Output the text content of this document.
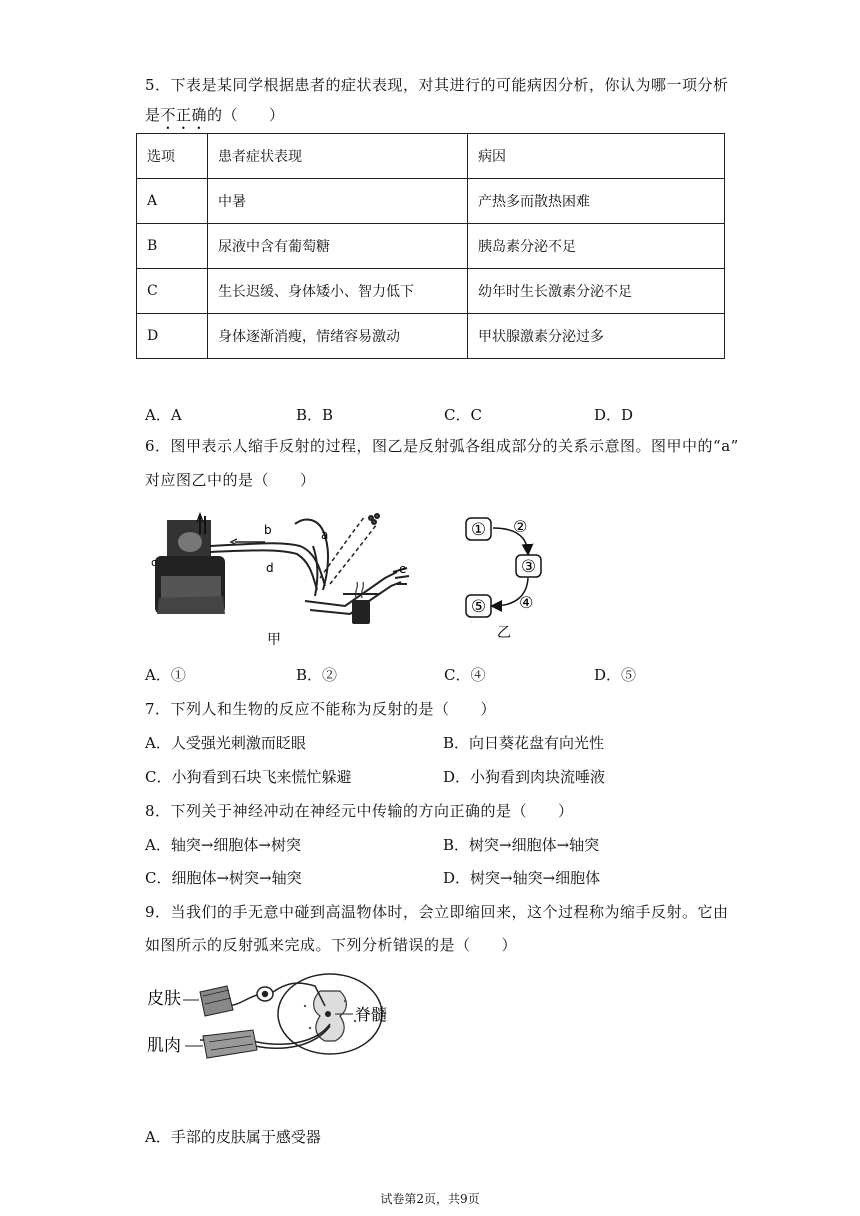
5．下表是某同学根据患者的症状表现，对其进行的可能病因分析，你认为哪一项分析
是不正确的（　　）
选项	患者症状表现	病因
A	中暑	产热多而散热困难
B	尿液中含有葡萄糖	胰岛素分泌不足
C	生长迟缓、身体矮小、智力低下	幼年时生长激素分泌不足
D	身体逐渐消瘦，情绪容易激动	甲状腺激素分泌过多
A．A	B．B	C．C	D．D
6．图甲表示人缩手反射的过程，图乙是反射弧各组成部分的关系示意图。图甲中的“a”
对应图乙中的是（　　）
c
b
d
a
e
甲
①
③
⑤
②
④
乙
A．①	B．②	C．④	D．⑤
7．下列人和生物的反应不能称为反射的是（　　）
A．人受强光刺激而眨眼	B．向日葵花盘有向光性
C．小狗看到石块飞来慌忙躲避	D．小狗看到肉块流唾液
8．下列关于神经冲动在神经元中传输的方向正确的是（　　）
A．轴突→细胞体→树突	B．树突→细胞体→轴突
C．细胞体→树突→轴突	D．树突→轴突→细胞体
9．当我们的手无意中碰到高温物体时，会立即缩回来，这个过程称为缩手反射。它由
如图所示的反射弧来完成。下列分析错误的是（　　）
皮肤
肌肉
脊髓
A．手部的皮肤属于感受器
试卷第2页，共9页
